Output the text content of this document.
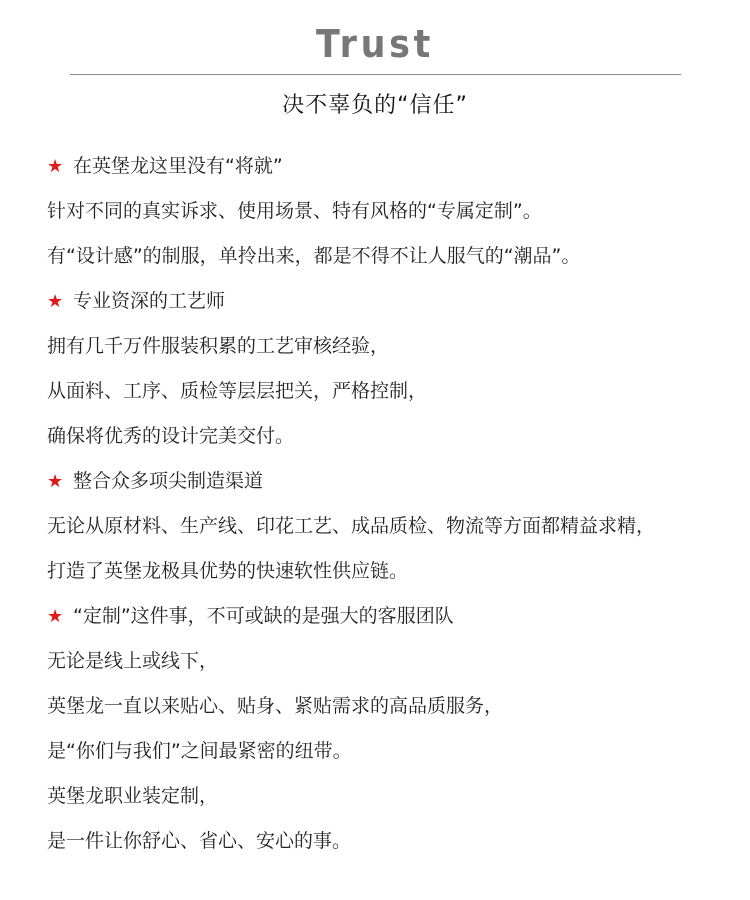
Trust
决不辜负的“信任”
★ 在英堡龙这里没有“将就”
针对不同的真实诉求、使用场景、特有风格的“专属定制”。
有“设计感”的制服，单拎出来，都是不得不让人服气的“潮品”。
★ 专业资深的工艺师
拥有几千万件服装积累的工艺审核经验，
从面料、工序、质检等层层把关，严格控制，
确保将优秀的设计完美交付。
★ 整合众多项尖制造渠道
无论从原材料、生产线、印花工艺、成品质检、物流等方面都精益求精，
打造了英堡龙极具优势的快速软性供应链。
★ “定制”这件事，不可或缺的是强大的客服团队
无论是线上或线下，
英堡龙一直以来贴心、贴身、紧贴需求的高品质服务，
是“你们与我们”之间最紧密的纽带。
英堡龙职业装定制，
是一件让你舒心、省心、安心的事。
